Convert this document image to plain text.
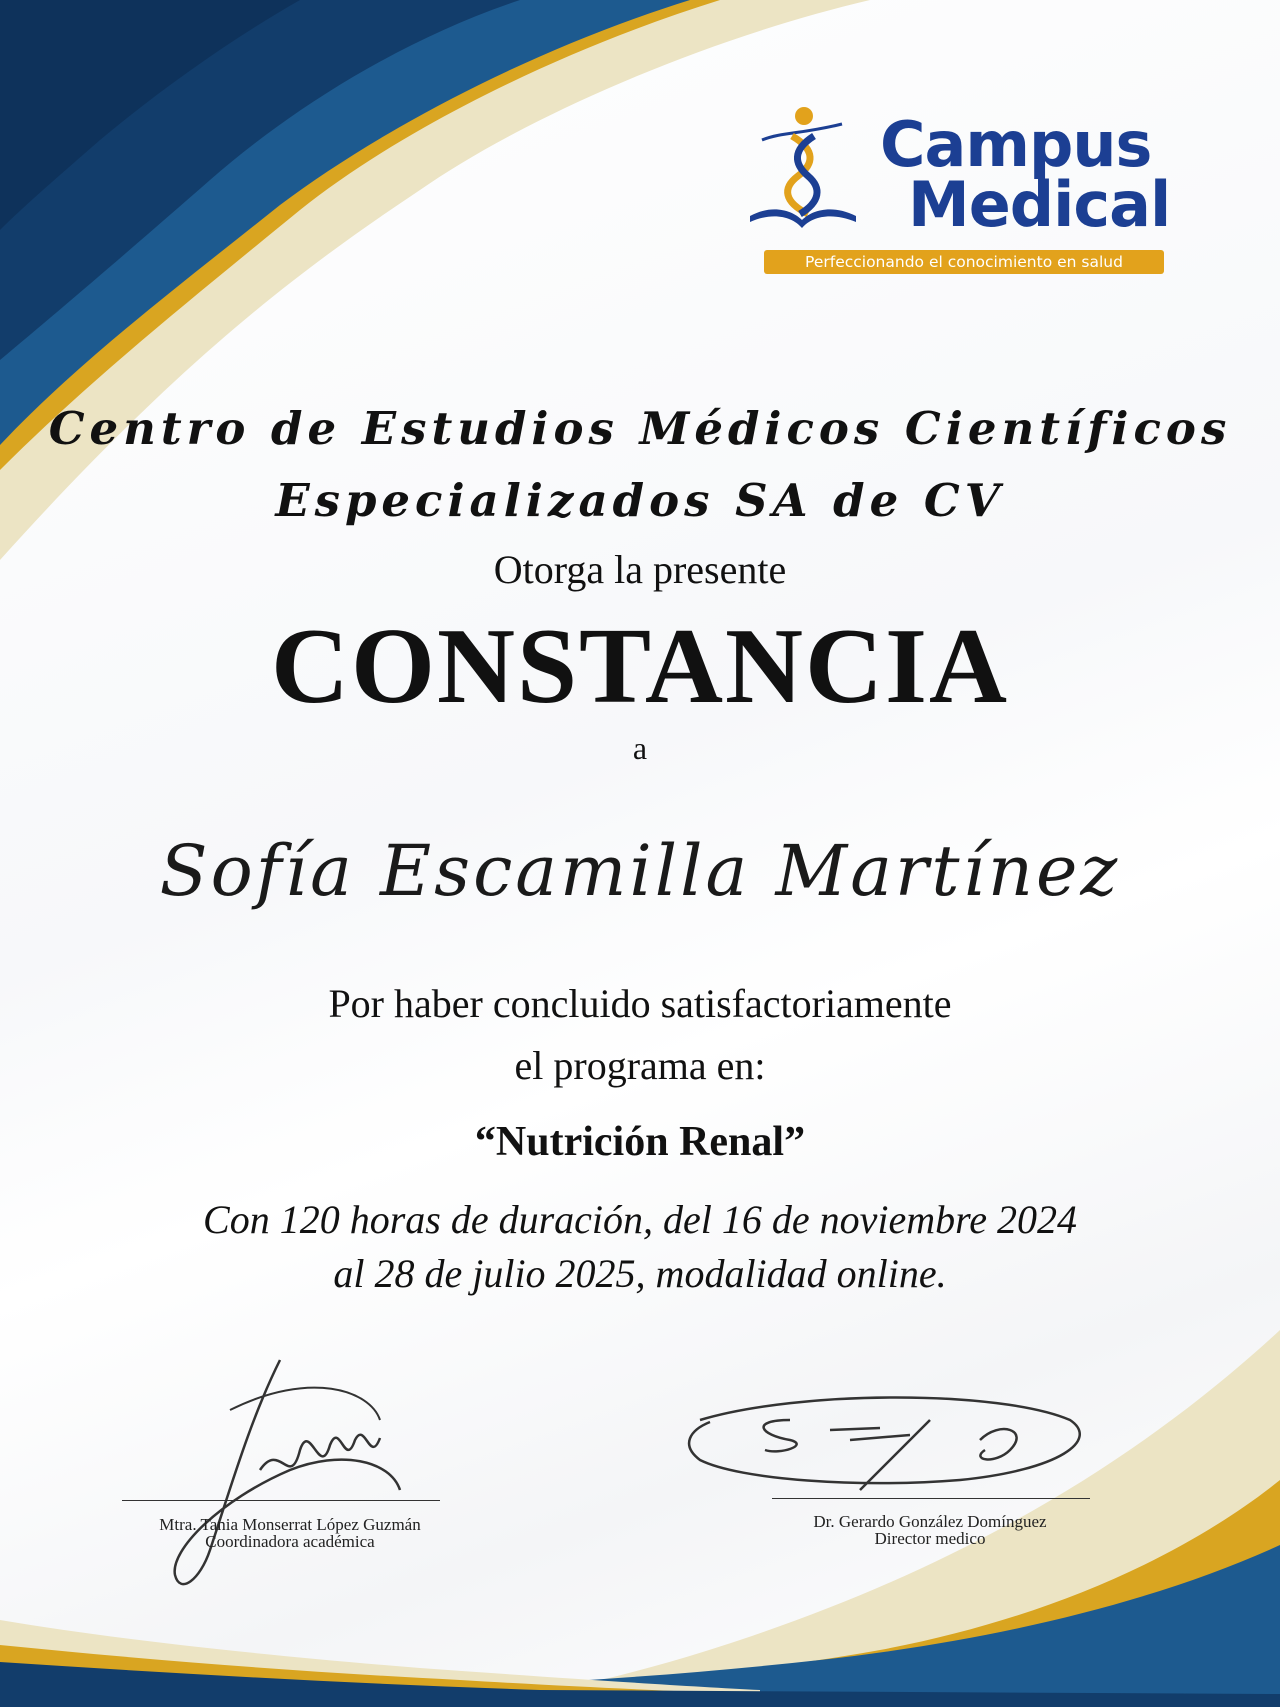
Campus
Medical
Perfeccionando el conocimiento en salud
Centro de Estudios Médicos Científicos
Especializados SA de CV
Otorga la presente
CONSTANCIA
a
Sofía Escamilla Martínez
Por haber concluido satisfactoriamente
el programa en:
“Nutrición Renal”
Con 120 horas de duración, del 16 de noviembre 2024
al 28 de julio 2025, modalidad online.
Mtra. Tania Monserrat López Guzmán
Coordinadora académica
Dr. Gerardo González Domínguez
Director medico
